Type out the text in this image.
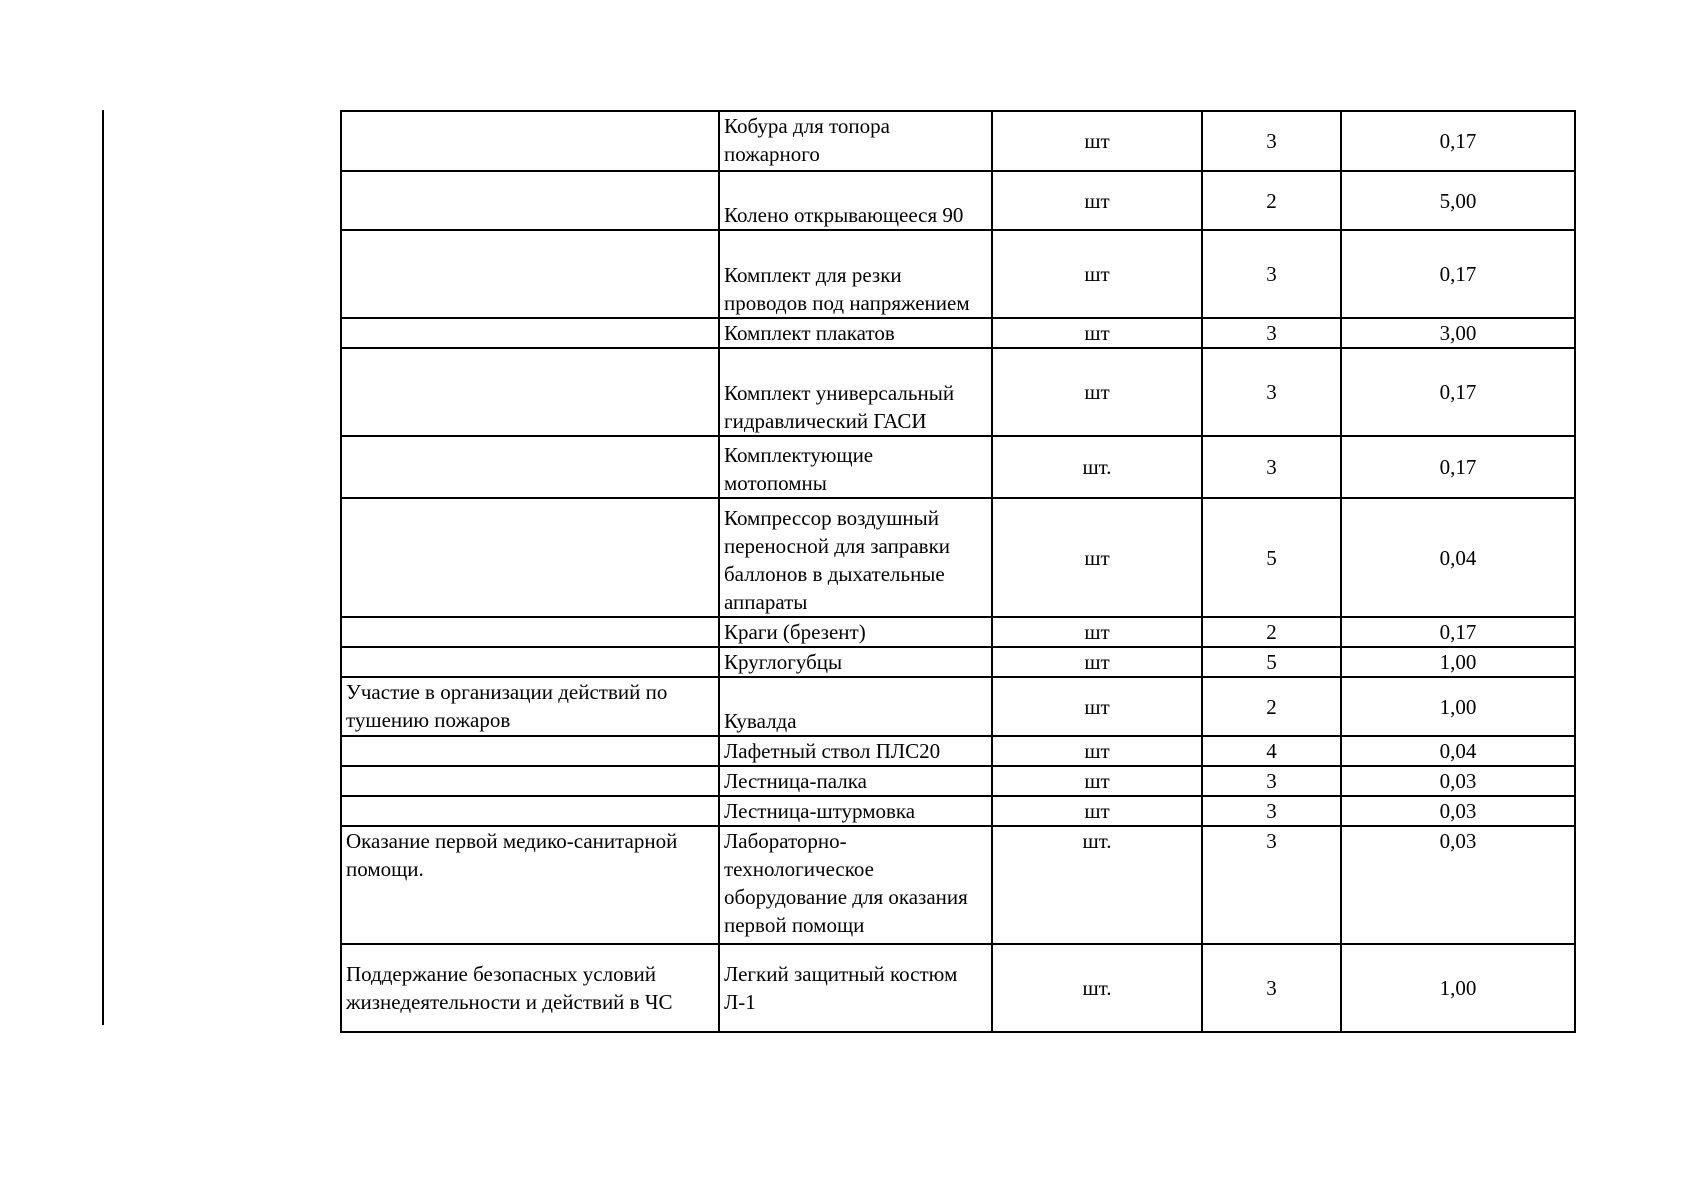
	Кобура для топора
пожарного	шт	3	0,17

	Колено открывающееся 90	шт	2	5,00

	Комплект для резки
проводов под напряжением	шт	3	0,17

	Комплект плакатов	шт	3	3,00

	Комплект универсальный
гидравлический ГАСИ	шт	3	0,17

	Комплектующие
мотопомны	шт.	3	0,17

	Компрессор воздушный
переносной для заправки
баллонов в дыхательные
аппараты	шт	5	0,04

	Краги (брезент)	шт	2	0,17

	Круглогубцы	шт	5	1,00

Участие в организации действий по
тушению пожаров	Кувалда	шт	2	1,00

	Лафетный ствол ПЛС20	шт	4	0,04

	Лестница-палка	шт	3	0,03

	Лестница-штурмовка	шт	3	0,03

Оказание первой медико-санитарной
помощи.	Лабораторно-
технологическое
оборудование для оказания
первой помощи	шт.	3	0,03

Поддержание безопасных условий
жизнедеятельности и действий в ЧС	Легкий защитный костюм
Л-1	шт.	3	1,00
